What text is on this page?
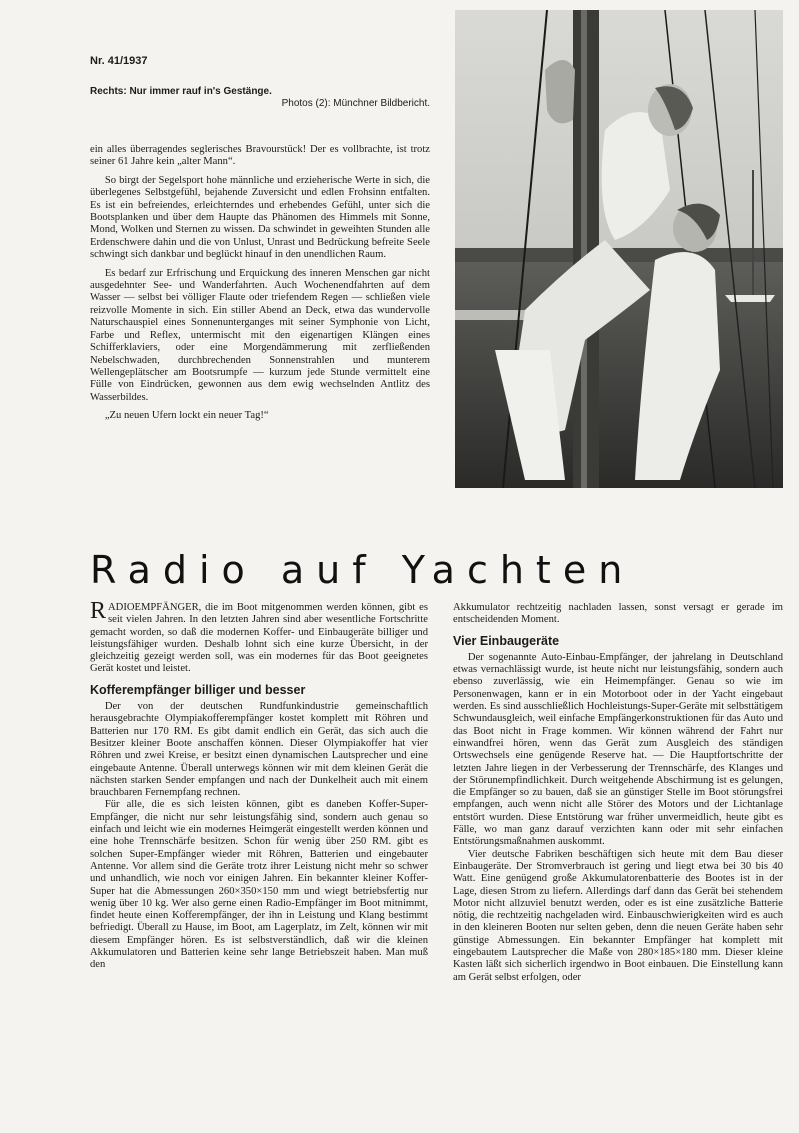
Nr. 41/1937
Rechts: Nur immer rauf in's Gestänge.
Photos (2): Münchner Bildbericht.

ein alles überragendes seglerisches Bravourstück! Der es vollbrachte, ist trotz seiner 61 Jahre kein „alter Mann“.

So birgt der Segelsport hohe männliche und erzieherische Werte in sich, die überlegenes Selbstgefühl, bejahende Zuversicht und edlen Frohsinn entfalten. Es ist ein befreiendes, erleichterndes und erhebendes Gefühl, unter sich die Bootsplanken und über dem Haupte das Phänomen des Himmels mit Sonne, Mond, Wolken und Sternen zu wissen. Da schwindet in geweihten Stunden alle Erdenschwere dahin und die von Unlust, Unrast und Bedrückung befreite Seele schwingt sich dankbar und beglückt hinauf in den unendlichen Raum.

Es bedarf zur Erfrischung und Erquickung des inneren Menschen gar nicht ausgedehnter See- und Wanderfahrten. Auch Wochenendfahrten auf dem Wasser — selbst bei völliger Flaute oder triefendem Regen — schließen viele reizvolle Momente in sich. Ein stiller Abend an Deck, etwa das wundervolle Naturschauspiel eines Sonnenunterganges mit seiner Symphonie von Licht, Farbe und Reflex, untermischt mit den eigenartigen Klängen eines Schifferklaviers, oder eine Morgendämmerung mit zerfließenden Nebelschwaden, durchbrechenden Sonnenstrahlen und munterem Wellengeplätscher am Bootsrumpfe — kurzum jede Stunde vermittelt eine Fülle von Eindrücken, gewonnen aus dem ewig wechselnden Antlitz des Wasserbildes.

„Zu neuen Ufern lockt ein neuer Tag!“

Radio auf Yachten

RADIOEMPFÄNGER, die im Boot mitgenommen werden können, gibt es seit vielen Jahren. In den letzten Jahren sind aber wesentliche Fortschritte gemacht worden, so daß die modernen Koffer- und Einbaugeräte billiger und leistungsfähiger wurden. Deshalb lohnt sich eine kurze Übersicht, in der gleichzeitig gezeigt werden soll, was ein modernes für das Boot geeignetes Gerät kostet und leistet.

Kofferempfänger billiger und besser

Der von der deutschen Rundfunkindustrie gemeinschaftlich herausgebrachte Olympiakofferempfänger kostet komplett mit Röhren und Batterien nur 170 RM. Es gibt damit endlich ein Gerät, das sich auch die Besitzer kleiner Boote anschaffen können. Dieser Olympiakoffer hat vier Röhren und zwei Kreise, er besitzt einen dynamischen Lautsprecher und eine eingebaute Antenne. Überall unterwegs können wir mit dem kleinen Gerät die nächsten starken Sender empfangen und nach der Dunkelheit auch mit einem brauchbaren Fernempfang rechnen.

Für alle, die es sich leisten können, gibt es daneben Koffer-Super-Empfänger, die nicht nur sehr leistungsfähig sind, sondern auch genau so einfach und leicht wie ein modernes Heimgerät eingestellt werden können und eine hohe Trennschärfe besitzen. Schon für wenig über 250 RM. gibt es solchen Super-Empfänger wieder mit Röhren, Batterien und eingebauter Antenne. Vor allem sind die Geräte trotz ihrer Leistung nicht mehr so schwer und unhandlich, wie noch vor einigen Jahren. Ein bekannter kleiner Koffer-Super hat die Abmessungen 260×350×150 mm und wiegt betriebsfertig nur wenig über 10 kg. Wer also gerne einen Radio-Empfänger im Boot mitnimmt, findet heute einen Kofferempfänger, der ihn in Leistung und Klang bestimmt befriedigt. Überall zu Hause, im Boot, am Lagerplatz, im Zelt, können wir mit diesem Empfänger hören. Es ist selbstverständlich, daß wir die kleinen Akkumulatoren und Batterien keine sehr lange Betriebszeit haben. Man muß den

Akkumulator rechtzeitig nachladen lassen, sonst versagt er gerade im entscheidenden Moment.

Vier Einbaugeräte

Der sogenannte Auto-Einbau-Empfänger, der jahrelang in Deutschland etwas vernachlässigt wurde, ist heute nicht nur leistungsfähig, sondern auch ebenso zuverlässig, wie ein Heimempfänger. Genau so wie im Personenwagen, kann er in ein Motorboot oder in der Yacht eingebaut werden. Es sind ausschließlich Hochleistungs-Super-Geräte mit selbsttätigem Schwundausgleich, weil einfache Empfängerkonstruktionen für das Auto und das Boot nicht in Frage kommen. Wir können während der Fahrt nur einwandfrei hören, wenn das Gerät zum Ausgleich des ständigen Ortswechsels eine genügende Reserve hat. — Die Hauptfortschritte der letzten Jahre liegen in der Verbesserung der Trennschärfe, des Klanges und der Störunempfindlichkeit. Durch weitgehende Abschirmung ist es gelungen, die Empfänger so zu bauen, daß sie an günstiger Stelle im Boot störungsfrei empfangen, auch wenn nicht alle Störer des Motors und der Lichtanlage entstört wurden. Diese Entstörung war früher unvermeidlich, heute gibt es Fälle, wo man ganz darauf verzichten kann oder mit sehr einfachen Entstörungsmaßnahmen auskommt.

Vier deutsche Fabriken beschäftigen sich heute mit dem Bau dieser Einbaugeräte. Der Stromverbrauch ist gering und liegt etwa bei 30 bis 40 Watt. Eine genügend große Akkumulatorenbatterie des Bootes ist in der Lage, diesen Strom zu liefern. Allerdings darf dann das Gerät bei stehendem Motor nicht allzuviel benutzt werden, oder es ist eine zusätzliche Batterie nötig, die rechtzeitig nachgeladen wird. Einbauschwierigkeiten wird es auch in den kleineren Booten nur selten geben, denn die neuen Geräte haben sehr günstige Abmessungen. Ein bekannter Empfänger hat komplett mit eingebautem Lautsprecher die Maße von 280×185×180 mm. Dieser kleine Kasten läßt sich sicherlich irgendwo in Boot einbauen. Die Einstellung kann am Gerät selbst erfolgen, oder
